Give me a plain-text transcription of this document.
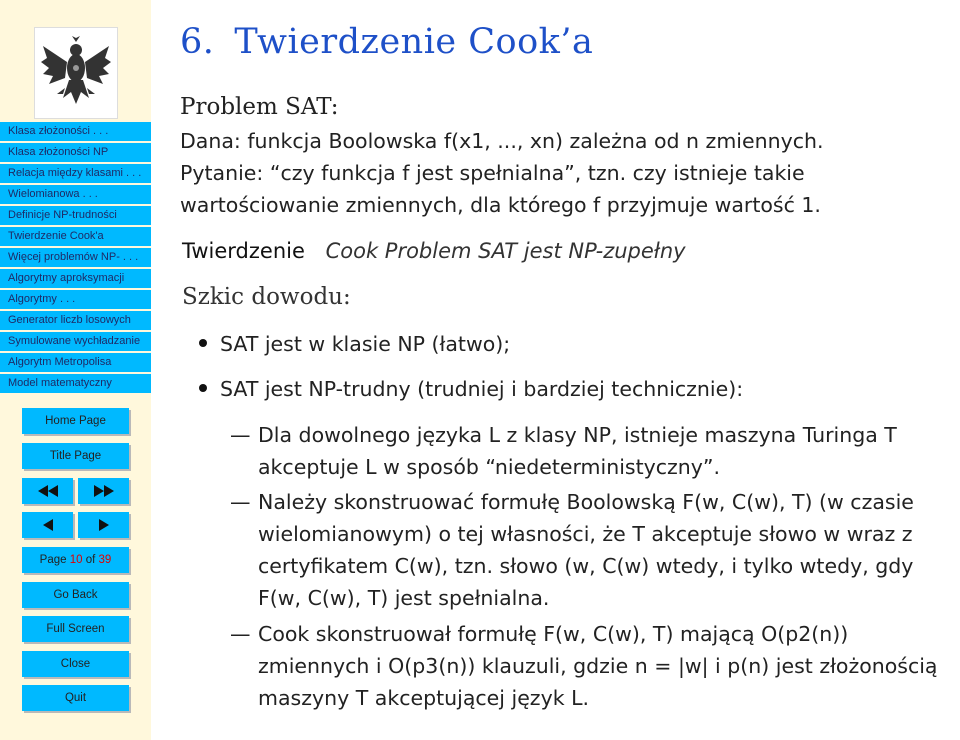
Klasa złożoności . . .
Klasa złożoności NP
Relacja między klasami . . .
Wielomianowa . . .
Definicje NP-trudności
Twierdzenie Cook'a
Więcej problemów NP- . . .
Algorytmy aproksymacji
Algorytmy . . .
Generator liczb losowych
Symulowane wychładzanie
Algorytm Metropolisa
Model matematyczny
Home Page
Title Page
Page 10 of 39
Go Back
Full Screen
Close
Quit
6. Twierdzenie Cook’a
Problem SAT:
Dana: funkcja Boolowska f(x1, ..., xn) zależna od n zmiennych.
Pytanie: “czy funkcja f jest spełnialna”, tzn. czy istnieje takie
wartościowanie zmiennych, dla którego f przyjmuje wartość 1.
Twierdzenie Cook Problem SAT jest NP-zupełny
Szkic dowodu:
SAT jest w klasie NP (łatwo);
SAT jest NP-trudny (trudniej i bardziej technicznie):
— Dla dowolnego języka L z klasy NP, istnieje maszyna Turinga T akceptuje L w sposób “niedeterministyczny”.
— Należy skonstruować formułę Boolowską F(w, C(w), T) (w czasie wielomianowym) o tej własności, że T akceptuje słowo w wraz z certyfikatem C(w), tzn. słowo (w, C(w) wtedy, i tylko wtedy, gdy F(w, C(w), T) jest spełnialna.
— Cook skonstruował formułę F(w, C(w), T) mającą O(p2(n)) zmiennych i O(p3(n)) klauzuli, gdzie n = |w| i p(n) jest złożonością maszyny T akceptującej język L.
